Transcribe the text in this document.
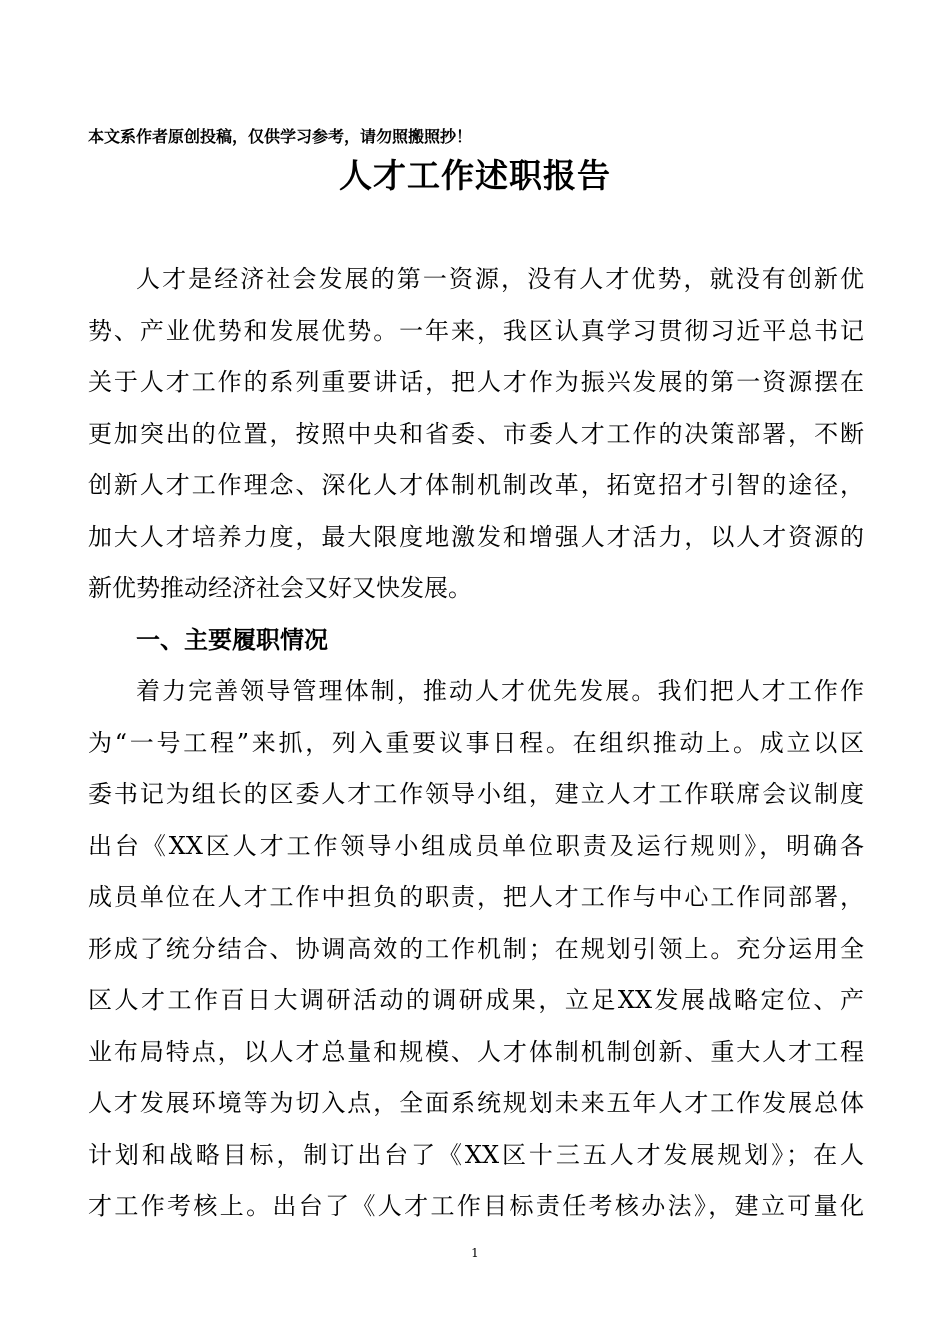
本文系作者原创投稿，仅供学习参考，请勿照搬照抄！
人才工作述职报告
人才是经济社会发展的第一资源，没有人才优势，就没有创新优
势、产业优势和发展优势。一年来，我区认真学习贯彻习近平总书记
关于人才工作的系列重要讲话，把人才作为振兴发展的第一资源摆在
更加突出的位置，按照中央和省委、市委人才工作的决策部署，不断
创新人才工作理念、深化人才体制机制改革，拓宽招才引智的途径，
加大人才培养力度，最大限度地激发和增强人才活力，以人才资源的
新优势推动经济社会又好又快发展。
一、主要履职情况
着力完善领导管理体制，推动人才优先发展。我们把人才工作作
为“一号工程”来抓，列入重要议事日程。在组织推动上。成立以区
委书记为组长的区委人才工作领导小组，建立人才工作联席会议制度
出台《XX区人才工作领导小组成员单位职责及运行规则》，明确各
成员单位在人才工作中担负的职责，把人才工作与中心工作同部署，
形成了统分结合、协调高效的工作机制；在规划引领上。充分运用全
区人才工作百日大调研活动的调研成果，立足XX发展战略定位、产
业布局特点，以人才总量和规模、人才体制机制创新、重大人才工程
人才发展环境等为切入点，全面系统规划未来五年人才工作发展总体
计划和战略目标，制订出台了《XX区十三五人才发展规划》；在人
才工作考核上。出台了《人才工作目标责任考核办法》，建立可量化
1
